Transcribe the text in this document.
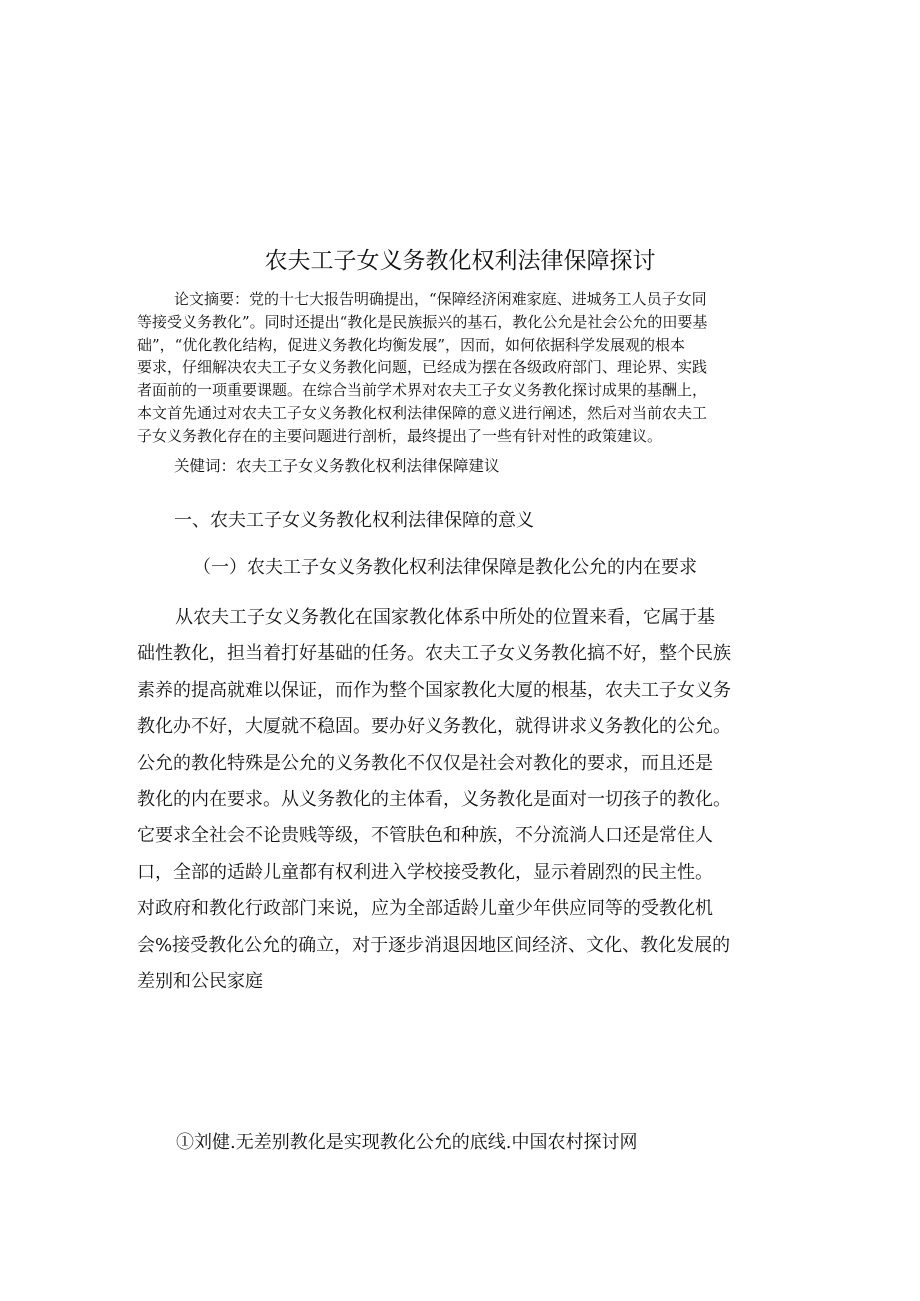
农夫工子女义务教化权利法律保障探讨

论文摘要：党的十七大报告明确提出，“保障经济闲难家庭、进城务工人员子女同

等接受义务教化”。同时还提出“教化是民族振兴的基石，教化公允是社会公允的田要基

础”，“优化教化结构，促进义务教化均衡发展”，因而，如何依据科学发展观的根本

要求，仔细解决农夫工子女义务教化问题，已经成为摆在各级政府部门、理论界、实践

者面前的一项重要课题。在综合当前学术界对农夫工子女义务教化探讨成果的基酬上，

本文首先通过对农夫工子女义务教化权利法律保障的意义进行阐述，然后对当前农夫工

子女义务教化存在的主要问题进行剖析，最终提出了一些有针对性的政策建议。

关健词：农夫工子女义务教化权利法律保障建议
一、农夫工子女义务教化权利法律保障的意义
（一）农夫工子女义务教化权利法律保障是教化公允的内在要求

从农夫工子女义务教化在国家教化体系中所处的位置来看，它属于基

础性教化，担当着打好基础的任务。农夫工子女义务教化搞不好，整个民族

素养的提高就难以保证，而作为整个国家教化大厦的根基，农夫工子女义务

教化办不好，大厦就不稳固。要办好义务教化，就得讲求义务教化的公允。

公允的教化特殊是公允的义务教化不仅仅是社会对教化的要求，而且还是

教化的内在要求。从义务教化的主体看，义务教化是面对一切孩子的教化。

它要求全社会不论贵贱等级，不管肤色和种族，不分流淌人口还是常住人

口，全部的适龄儿童都有权利进入学校接受教化，显示着剧烈的民主性。

对政府和教化行政部门来说，应为全部适龄儿童少年供应同等的受教化机

会%接受教化公允的确立，对于逐步消退因地区间经济、文化、教化发展的

差别和公民家庭

①刘健.无差别教化是实现教化公允的底线.中国农村探讨网
